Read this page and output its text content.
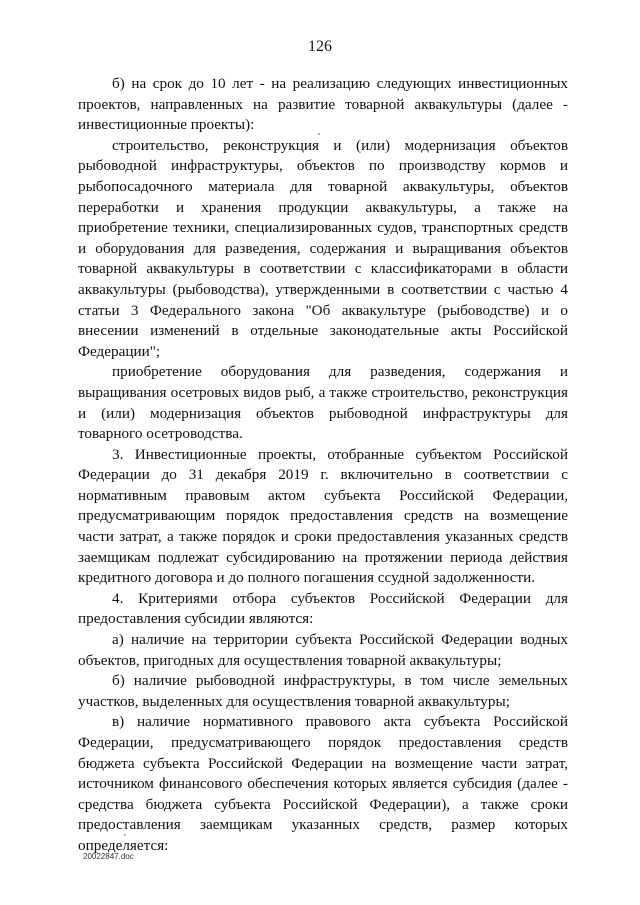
126

б) на срок до 10 лет - на реализацию следующих инвестиционных проектов, направленных на развитие товарной аквакультуры (далее - инвестиционные проекты):

строительство, реконструкция и (или) модернизация объектов рыбоводной инфраструктуры, объектов по производству кормов и рыбопосадочного материала для товарной аквакультуры, объектов переработки и хранения продукции аквакультуры, а также на приобретение техники, специализированных судов, транспортных средств и оборудования для разведения, содержания и выращивания объектов товарной аквакультуры в соответствии с классификаторами в области аквакультуры (рыбоводства), утвержденными в соответствии с частью 4 статьи 3 Федерального закона "Об аквакультуре (рыбоводстве) и о внесении изменений в отдельные законодательные акты Российской Федерации";

приобретение оборудования для разведения, содержания и выращивания осетровых видов рыб, а также строительство, реконструкция и (или) модернизация объектов рыбоводной инфраструктуры для товарного осетроводства.

3. Инвестиционные проекты, отобранные субъектом Российской Федерации до 31 декабря 2019 г. включительно в соответствии с нормативным правовым актом субъекта Российской Федерации, предусматривающим порядок предоставления средств на возмещение части затрат, а также порядок и сроки предоставления указанных средств заемщикам подлежат субсидированию на протяжении периода действия кредитного договора и до полного погашения ссудной задолженности.

4. Критериями отбора субъектов Российской Федерации для предоставления субсидии являются:

а) наличие на территории субъекта Российской Федерации водных объектов, пригодных для осуществления товарной аквакультуры;

б) наличие рыбоводной инфраструктуры, в том числе земельных участков, выделенных для осуществления товарной аквакультуры;

в) наличие нормативного правового акта субъекта Российской Федерации, предусматривающего порядок предоставления средств бюджета субъекта Российской Федерации на возмещение части затрат, источником финансового обеспечения которых является субсидия (далее - средства бюджета субъекта Российской Федерации), а также сроки предоставления заемщикам указанных средств, размер которых определяется:

20022847.doc
